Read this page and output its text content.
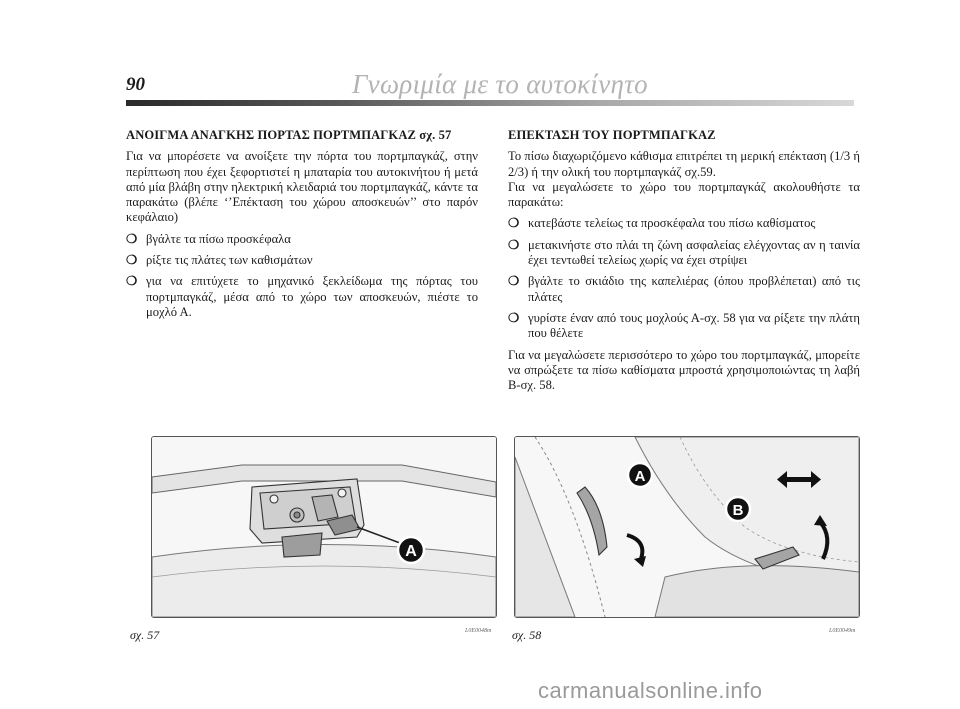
90	Γνωριμία με το αυτοκίνητο
ΑΝΟΙΓΜΑ ΑΝΑΓΚΗΣ ΠΟΡΤΑΣ ΠΟΡΤΜΠΑΓΚΑΖ σχ. 57

Για να μπορέσετε να ανοίξετε την πόρτα του πορτμπαγκάζ, στην περίπτωση που έχει ξεφορτιστεί η μπαταρία του αυτοκινήτου ή μετά από μία βλάβη στην ηλεκτρική κλειδαριά του πορτμπαγκάζ, κάντε τα παρακάτω (βλέπε ‘’Επέκταση του χώρου αποσκευών’’ στο παρόν κεφάλαιο)

❍ βγάλτε τα πίσω προσκέφαλα
❍ ρίξτε τις πλάτες των καθισμάτων
❍ για να επιτύχετε το μηχανικό ξεκλείδωμα της πόρτας του πορτμπαγκάζ, μέσα από το χώρο των αποσκευών, πιέστε το μοχλό Α.
ΕΠΕΚΤΑΣΗ ΤΟΥ ΠΟΡΤΜΠΑΓΚΑΖ

Το πίσω διαχωριζόμενο κάθισμα επιτρέπει τη μερική επέκταση (1/3 ή 2/3) ή την ολική του πορτμπαγκάζ σχ.59.

Για να μεγαλώσετε το χώρο του πορτμπαγκάζ ακολουθήστε τα παρακάτω:

❍ κατεβάστε τελείως τα προσκέφαλα του πίσω καθίσματος
❍ μετακινήστε στο πλάι τη ζώνη ασφαλείας ελέγχοντας αν η ταινία έχει τεντωθεί τελείως χωρίς να έχει στρίψει
❍ βγάλτε το σκιάδιο της καπελιέρας (όπου προβλέπεται) από τις πλάτες
❍ γυρίστε έναν από τους μοχλούς Α-σχ. 58 για να ρίξετε την πλάτη που θέλετε

Για να μεγαλώσετε περισσότερο το χώρο του πορτμπαγκάζ, μπορείτε να σπρώξετε τα πίσω καθίσματα μπροστά χρησιμοποιώντας τη λαβή Β-σχ. 58.

A
A
B
σχ. 57	L0E0048m σχ. 58	L0E0049m
carmanualsonline.info
